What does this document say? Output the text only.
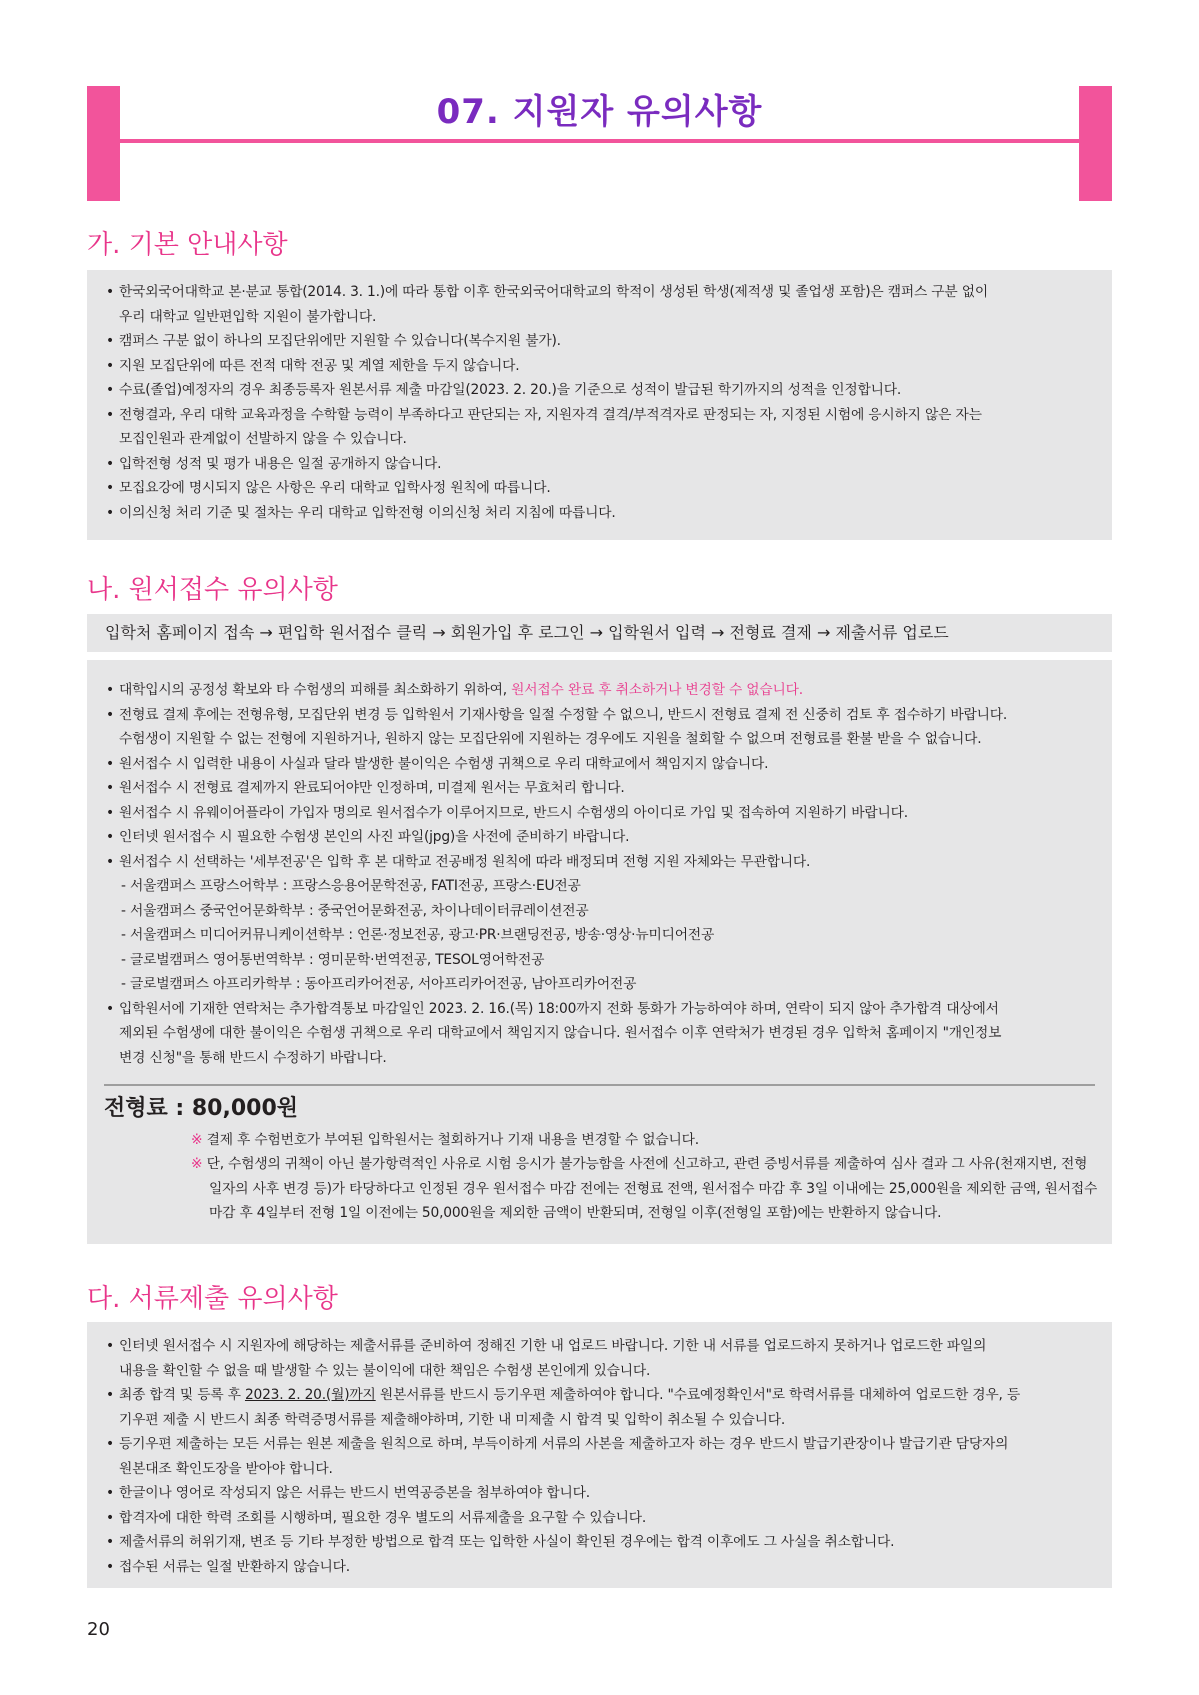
07. 지원자 유의사항
가. 기본 안내사항
• 한국외국어대학교 본·분교 통합(2014. 3. 1.)에 따라 통합 이후 한국외국어대학교의 학적이 생성된 학생(제적생 및 졸업생 포함)은 캠퍼스 구분 없이
우리 대학교 일반편입학 지원이 불가합니다.
• 캠퍼스 구분 없이 하나의 모집단위에만 지원할 수 있습니다(복수지원 불가).
• 지원 모집단위에 따른 전적 대학 전공 및 계열 제한을 두지 않습니다.
• 수료(졸업)예정자의 경우 최종등록자 원본서류 제출 마감일(2023. 2. 20.)을 기준으로 성적이 발급된 학기까지의 성적을 인정합니다.
• 전형결과, 우리 대학 교육과정을 수학할 능력이 부족하다고 판단되는 자, 지원자격 결격/부적격자로 판정되는 자, 지정된 시험에 응시하지 않은 자는
모집인원과 관계없이 선발하지 않을 수 있습니다.
• 입학전형 성적 및 평가 내용은 일절 공개하지 않습니다.
• 모집요강에 명시되지 않은 사항은 우리 대학교 입학사정 원칙에 따릅니다.
• 이의신청 처리 기준 및 절차는 우리 대학교 입학전형 이의신청 처리 지침에 따릅니다.
나. 원서접수 유의사항
입학처 홈페이지 접속 → 편입학 원서접수 클릭 → 회원가입 후 로그인 → 입학원서 입력 → 전형료 결제 → 제출서류 업로드
• 대학입시의 공정성 확보와 타 수험생의 피해를 최소화하기 위하여, 원서접수 완료 후 취소하거나 변경할 수 없습니다.
• 전형료 결제 후에는 전형유형, 모집단위 변경 등 입학원서 기재사항을 일절 수정할 수 없으니, 반드시 전형료 결제 전 신중히 검토 후 접수하기 바랍니다.
수험생이 지원할 수 없는 전형에 지원하거나, 원하지 않는 모집단위에 지원하는 경우에도 지원을 철회할 수 없으며 전형료를 환불 받을 수 없습니다.
• 원서접수 시 입력한 내용이 사실과 달라 발생한 불이익은 수험생 귀책으로 우리 대학교에서 책임지지 않습니다.
• 원서접수 시 전형료 결제까지 완료되어야만 인정하며, 미결제 원서는 무효처리 합니다.
• 원서접수 시 유웨이어플라이 가입자 명의로 원서접수가 이루어지므로, 반드시 수험생의 아이디로 가입 및 접속하여 지원하기 바랍니다.
• 인터넷 원서접수 시 필요한 수험생 본인의 사진 파일(jpg)을 사전에 준비하기 바랍니다.
• 원서접수 시 선택하는 '세부전공'은 입학 후 본 대학교 전공배정 원칙에 따라 배정되며 전형 지원 자체와는 무관합니다.
- 서울캠퍼스 프랑스어학부 : 프랑스응용어문학전공, FATI전공, 프랑스·EU전공
- 서울캠퍼스 중국언어문화학부 : 중국언어문화전공, 차이나데이터큐레이션전공
- 서울캠퍼스 미디어커뮤니케이션학부 : 언론·정보전공, 광고·PR·브랜딩전공, 방송·영상·뉴미디어전공
- 글로벌캠퍼스 영어통번역학부 : 영미문학·번역전공, TESOL영어학전공
- 글로벌캠퍼스 아프리카학부 : 동아프리카어전공, 서아프리카어전공, 남아프리카어전공
• 입학원서에 기재한 연락처는 추가합격통보 마감일인 2023. 2. 16.(목) 18:00까지 전화 통화가 가능하여야 하며, 연락이 되지 않아 추가합격 대상에서
제외된 수험생에 대한 불이익은 수험생 귀책으로 우리 대학교에서 책임지지 않습니다. 원서접수 이후 연락처가 변경된 경우 입학처 홈페이지 "개인정보
변경 신청"을 통해 반드시 수정하기 바랍니다.
전형료 : 80,000원
※ 결제 후 수험번호가 부여된 입학원서는 철회하거나 기재 내용을 변경할 수 없습니다.
※ 단, 수험생의 귀책이 아닌 불가항력적인 사유로 시험 응시가 불가능함을 사전에 신고하고, 관련 증빙서류를 제출하여 심사 결과 그 사유(천재지변, 전형
일자의 사후 변경 등)가 타당하다고 인정된 경우 원서접수 마감 전에는 전형료 전액, 원서접수 마감 후 3일 이내에는 25,000원을 제외한 금액, 원서접수
마감 후 4일부터 전형 1일 이전에는 50,000원을 제외한 금액이 반환되며, 전형일 이후(전형일 포함)에는 반환하지 않습니다.
다. 서류제출 유의사항
• 인터넷 원서접수 시 지원자에 해당하는 제출서류를 준비하여 정해진 기한 내 업로드 바랍니다. 기한 내 서류를 업로드하지 못하거나 업로드한 파일의
내용을 확인할 수 없을 때 발생할 수 있는 불이익에 대한 책임은 수험생 본인에게 있습니다.
• 최종 합격 및 등록 후 2023. 2. 20.(월)까지 원본서류를 반드시 등기우편 제출하여야 합니다. "수료예정확인서"로 학력서류를 대체하여 업로드한 경우, 등
기우편 제출 시 반드시 최종 학력증명서류를 제출해야하며, 기한 내 미제출 시 합격 및 입학이 취소될 수 있습니다.
• 등기우편 제출하는 모든 서류는 원본 제출을 원칙으로 하며, 부득이하게 서류의 사본을 제출하고자 하는 경우 반드시 발급기관장이나 발급기관 담당자의
원본대조 확인도장을 받아야 합니다.
• 한글이나 영어로 작성되지 않은 서류는 반드시 번역공증본을 첨부하여야 합니다.
• 합격자에 대한 학력 조회를 시행하며, 필요한 경우 별도의 서류제출을 요구할 수 있습니다.
• 제출서류의 허위기재, 변조 등 기타 부정한 방법으로 합격 또는 입학한 사실이 확인된 경우에는 합격 이후에도 그 사실을 취소합니다.
• 접수된 서류는 일절 반환하지 않습니다.
20
